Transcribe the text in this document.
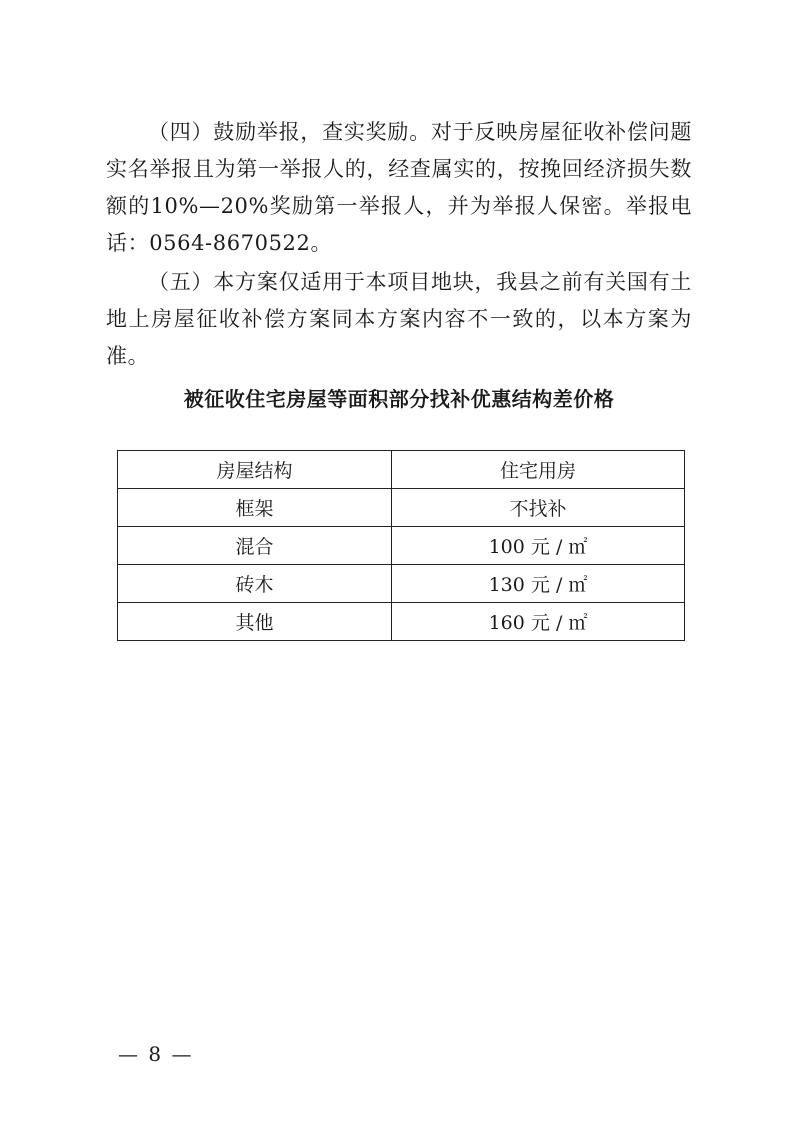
（四）鼓励举报，查实奖励。对于反映房屋征收补偿问题实名举报且为第一举报人的，经查属实的，按挽回经济损失数额的10%—20%奖励第一举报人，并为举报人保密。举报电话：0564-8670522。

（五）本方案仅适用于本项目地块，我县之前有关国有土地上房屋征收补偿方案同本方案内容不一致的，以本方案为准。

被征收住宅房屋等面积部分找补优惠结构差价格

房屋结构	住宅用房
框架	不找补
混合	100 元 / ㎡
砖木	130 元 / ㎡
其他	160 元 / ㎡

— 8 —
